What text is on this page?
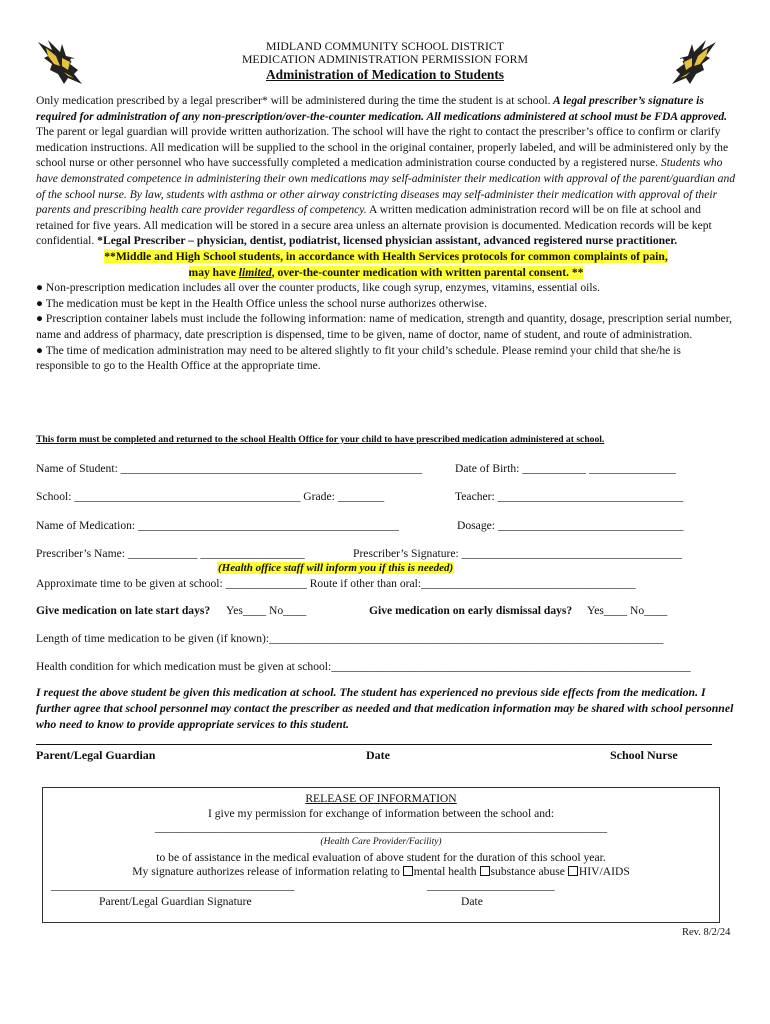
MIDLAND COMMUNITY SCHOOL DISTRICT
MEDICATION ADMINISTRATION PERMISSION FORM
Administration of Medication to Students
Only medication prescribed by a legal prescriber* will be administered during the time the student is at school. A legal prescriber’s signature is required for administration of any non-prescription/over-the-counter medication. All medications administered at school must be FDA approved. The parent or legal guardian will provide written authorization. The school will have the right to contact the prescriber’s office to confirm or clarify medication instructions. All medication will be supplied to the school in the original container, properly labeled, and will be administered only by the school nurse or other personnel who have successfully completed a medication administration course conducted by a registered nurse. Students who have demonstrated competence in administering their own medications may self-administer their medication with approval of the parent/guardian and of the school nurse. By law, students with asthma or other airway constricting diseases may self-administer their medication with approval of their parents and prescribing health care provider regardless of competency. A written medication administration record will be on file at school and retained for five years. All medication will be stored in a secure area unless an alternate provision is documented. Medication records will be kept confidential. *Legal Prescriber – physician, dentist, podiatrist, licensed physician assistant, advanced registered nurse practitioner.
**Middle and High School students, in accordance with Health Services protocols for common complaints of pain,
may have limited, over-the-counter medication with written parental consent. **
● Non-prescription medication includes all over the counter products, like cough syrup, enzymes, vitamins, essential oils.
● The medication must be kept in the Health Office unless the school nurse authorizes otherwise.
● Prescription container labels must include the following information: name of medication, strength and quantity, dosage, prescription serial number, name and address of pharmacy, date prescription is dispensed, time to be given, name of doctor, name of student, and route of administration.
● The time of medication administration may need to be altered slightly to fit your child’s schedule. Please remind your child that she/he is responsible to go to the Health Office at the appropriate time.
This form must be completed and returned to the school Health Office for your child to have prescribed medication administered at school.
Name of Student: ____________________________________________________	Date of Birth: ___________ _______________
School: _______________________________________ Grade: ________	Teacher: ________________________________
Name of Medication: _____________________________________________	Dosage: ________________________________
Prescriber’s Name: ____________ __________________	Prescriber’s Signature: ______________________________________
(Health office staff will inform you if this is needed)
Approximate time to be given at school: ______________ Route if other than oral:_____________________________________
Give medication on late start days? Yes____ No____	Give medication on early dismissal days? Yes____ No____
Length of time medication to be given (if known):____________________________________________________________________
Health condition for which medication must be given at school:______________________________________________________________
I request the above student be given this medication at school. The student has experienced no previous side effects from the medication. I further agree that school personnel may contact the prescriber as needed and that medication information may be shared with school personnel who need to know to provide appropriate services to this student.
Parent/Legal Guardian	Date	School Nurse
RELEASE OF INFORMATION
I give my permission for exchange of information between the school and:
______________________________________________________________________________
(Health Care Provider/Facility)
to be of assistance in the medical evaluation of above student for the duration of this school year.
My signature authorizes release of information relating to mental health substance abuse HIV/AIDS
__________________________________________	______________________
Parent/Legal Guardian Signature	Date
Rev. 8/2/24
